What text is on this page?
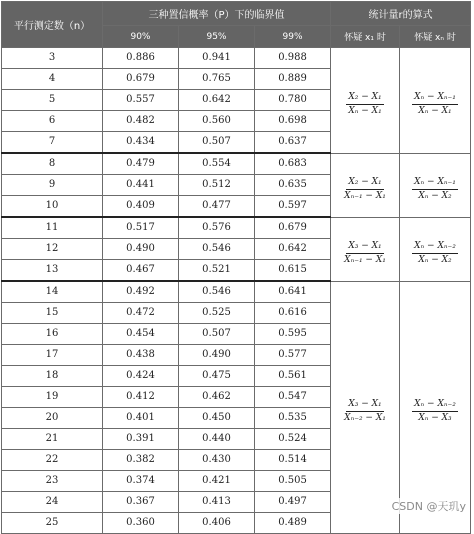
平行测定数（n）	三种置信概率（P）下的临界值			统计量r的算式	
	90%	95%	99%	怀疑 x₁ 时	怀疑 xₙ 时
3	0.886	0.941	0.988	$\frac{\text{X₂ − X₁}}{\text{Xₙ − X₁}}$	$\frac{\text{Xₙ − Xₙ₋₁}}{\text{Xₙ − X₁}}$

4	0.679	0.765	0.889		
5	0.557	0.642	0.780		
6	0.482	0.560	0.698		
7	0.434	0.507	0.637		
8	0.479	0.554	0.683	$\frac{\text{X₂ − X₁}}{\text{Xₙ₋₁ − X₁}}$	$\frac{\text{Xₙ − Xₙ₋₁}}{\text{Xₙ − X₂}}$

9	0.441	0.512	0.635		
10	0.409	0.477	0.597		
11	0.517	0.576	0.679	$\frac{\text{X₃ − X₁}}{\text{Xₙ₋₁ − X₁}}$	$\frac{\text{Xₙ − Xₙ₋₂}}{\text{Xₙ − X₂}}$

12	0.490	0.546	0.642		
13	0.467	0.521	0.615		
14	0.492	0.546	0.641	$\frac{\text{X₃ − X₁}}{\text{Xₙ₋₂ − X₁}}$	$\frac{\text{Xₙ − Xₙ₋₂}}{\text{Xₙ − X₃}}$

15	0.472	0.525	0.616		
16	0.454	0.507	0.595		
17	0.438	0.490	0.577		
18	0.424	0.475	0.561		
19	0.412	0.462	0.547		
20	0.401	0.450	0.535		
21	0.391	0.440	0.524		
22	0.382	0.430	0.514		
23	0.374	0.421	0.505		
24	0.367	0.413	0.497		
25	0.360	0.406	0.489		
CSDN @天玑y
